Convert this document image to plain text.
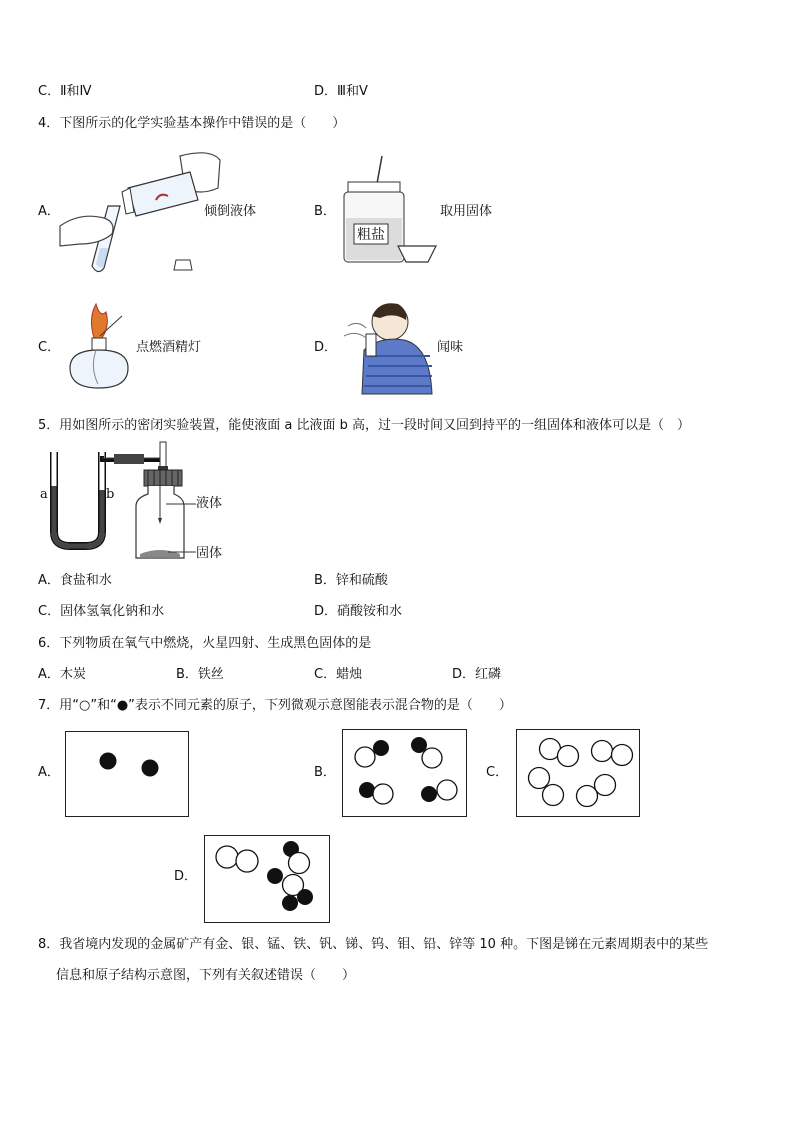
C．Ⅱ和Ⅳ	D．Ⅲ和Ⅴ
4．下图所示的化学实验基本操作中错误的是（　　）
A．	倾倒液体	B．
粗盐
取用固体
C．	点燃酒精灯	D．	闻味
5．用如图所示的密闭实验装置，能使液面 a 比液面 b 高，过一段时间又回到持平的一组固体和液体可以是（　）
a	b
液体
固体
A．食盐和水	B．锌和硫酸
C．固体氢氧化钠和水	D．硝酸铵和水
6．下列物质在氧气中燃烧，火星四射、生成黑色固体的是
A．木炭	B．铁丝	C．蜡烛	D．红磷
7．用“○”和“●”表示不同元素的原子，下列微观示意图能表示混合物的是（　　）
A．	B．	C．
D．
8．我省境内发现的金属矿产有金、银、锰、铁、钒、锑、钨、钼、铅、锌等 10 种。下图是锑在元素周期表中的某些
信息和原子结构示意图，下列有关叙述错误（　　）
